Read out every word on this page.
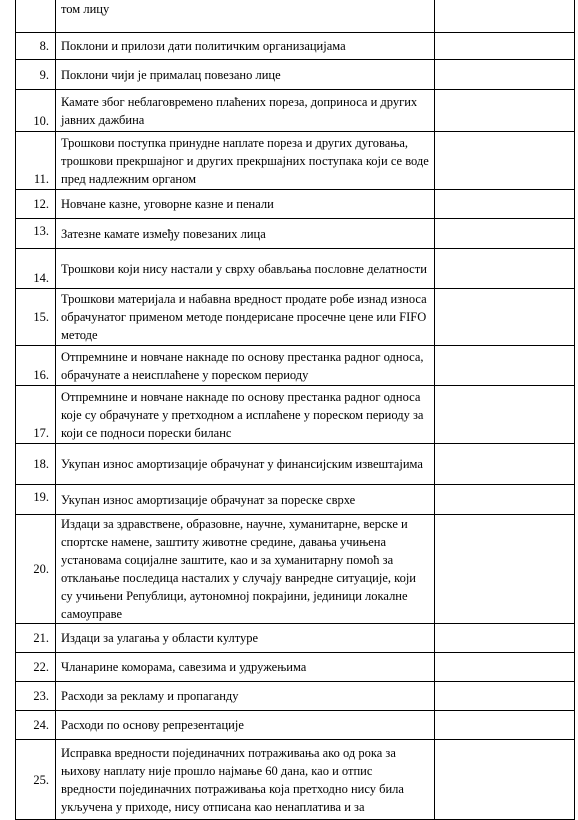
	том лицу	
8.	Поклони и прилози дати политичким организацијама	
9.	Поклони чији је прималац повезано лице	
10.	Камате због неблаговремено плаћених пореза, доприноса и других јавних дажбина	
11.	Трошкови поступка принудне наплате пореза и других дуговања, трошкови прекршајног и других прекршајних поступака који се воде пред надлежним органом	
12.	Новчане казне, уговорне казне и пенали	
13.	Затезне камате између повезаних лица	
14.	Трошкови који нису настали у сврху обављања пословне делатности	
15.	Трошкови материјала и набавна вредност продате робе изнад износа обрачунатог применом методе пондерисане просечне цене или FIFO методе	
16.	Отпремнине и новчане накнаде по основу престанка радног односа, обрачунате а неисплаћене у пореском периоду	
17.	Отпремнине и новчане накнаде по основу престанка радног односа које су обрачунате у претходном а исплаћене у пореском периоду за који се подноси порески биланс	
18.	Укупан износ амортизације обрачунат у финансијским извештајима	
19.	Укупан износ амортизације обрачунат за пореске сврхе	
20.	Издаци за здравствене, образовне, научне, хуманитарне, верске и спортске намене, заштиту животне средине, давања учињена установама социјалне заштите, као и за хуманитарну помоћ за отклањање последица насталих у случају ванредне ситуације, који су учињени Републици, аутономној покрајини, јединици локалне самоуправе	
21.	Издаци за улагања у области културе	
22.	Чланарине коморама, савезима и удружењима	
23.	Расходи за рекламу и пропаганду	
24.	Расходи по основу репрезентације	
25.	Исправка вредности појединачних потраживања ако од рока за њихову наплату није прошло најмање 60 дана, као и отпис вредности појединачних потраживања која претходно нису била укључена у приходе, нису отписана као ненаплатива и за	
